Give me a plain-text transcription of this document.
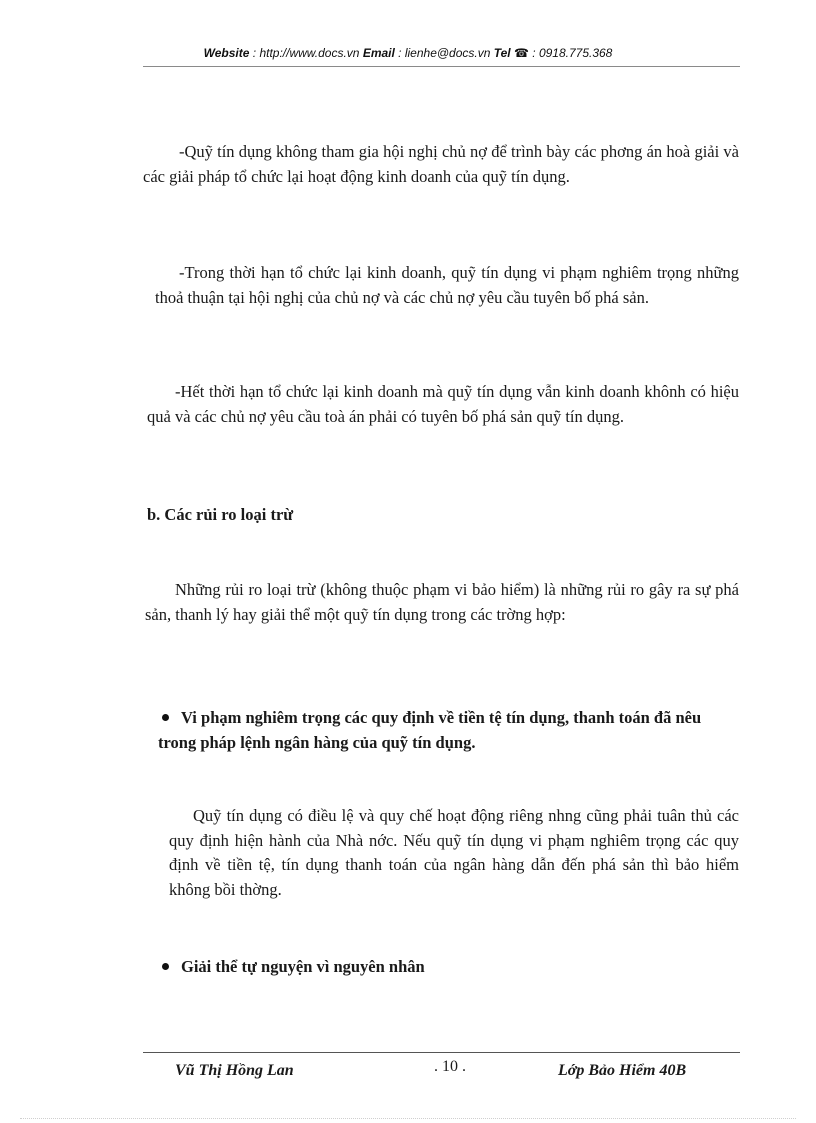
Website : http://www.docs.vn Email : lienhe@docs.vn Tel ☎ : 0918.775.368

-Quỹ tín dụng không tham gia hội nghị chủ nợ để trình bày các phơng án hoà giải và các giải pháp tổ chức lại hoạt động kinh doanh của quỹ tín dụng.

-Trong thời hạn tổ chức lại kinh doanh, quỹ tín dụng vi phạm nghiêm trọng những thoả thuận tại hội nghị của chủ nợ và các chủ nợ yêu cầu tuyên bố phá sản.

-Hết thời hạn tổ chức lại kinh doanh mà quỹ tín dụng vẫn kinh doanh khônh có hiệu quả và các chủ nợ yêu cầu toà án phải có tuyên bố phá sản quỹ tín dụng.

b. Các rủi ro loại trừ

Những rủi ro loại trừ (không thuộc phạm vi bảo hiểm) là những rủi ro gây ra sự phá sản, thanh lý hay giải thể một quỹ tín dụng trong các trờng hợp:

Vi phạm nghiêm trọng các quy định về tiền tệ tín dụng, thanh toán đã nêu trong pháp lệnh ngân hàng của quỹ tín dụng.

Quỹ tín dụng có điều lệ và quy chế hoạt động riêng nhng cũng phải tuân thủ các quy định hiện hành của Nhà nớc. Nếu quỹ tín dụng vi phạm nghiêm trọng các quy định về tiền tệ, tín dụng thanh toán của ngân hàng dẫn đến phá sản thì bảo hiểm không bồi thờng.

Giải thể tự nguyện vì nguyên nhân

Vũ Thị Hồng Lan	. 10 .	Lớp Bảo Hiểm 40B
